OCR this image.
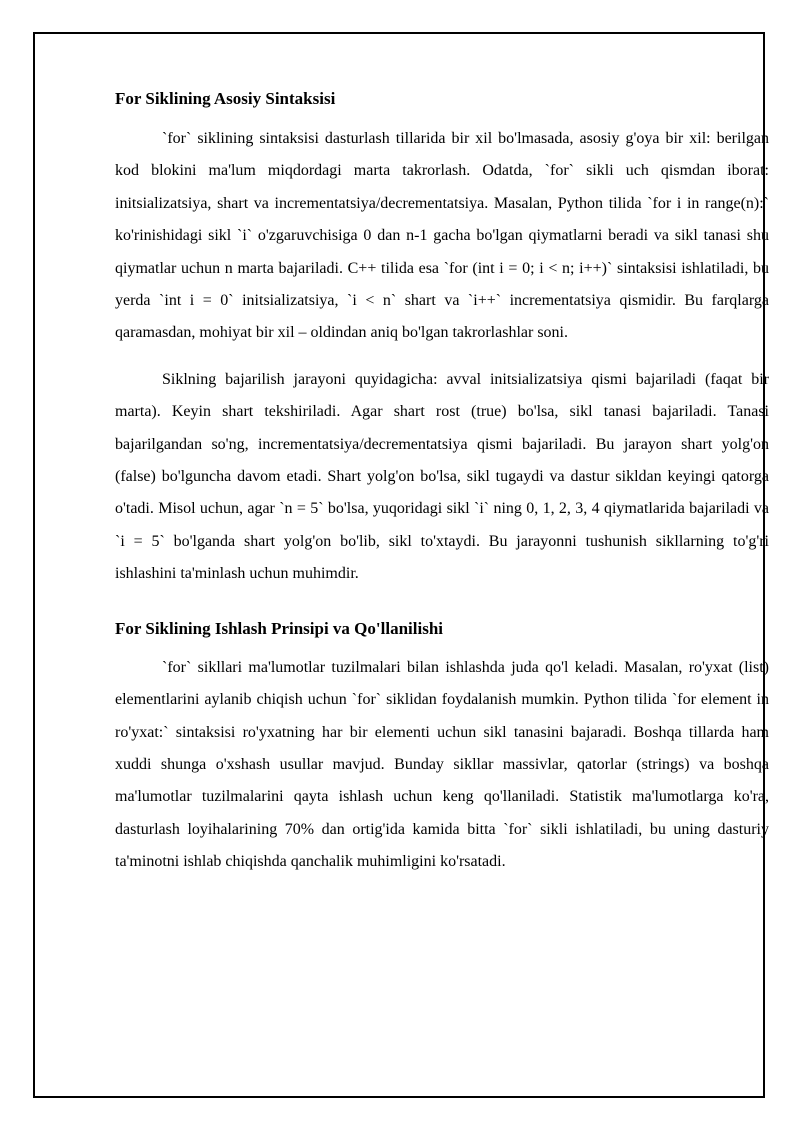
For Siklining Asosiy Sintaksisi

`for` siklining sintaksisi dasturlash tillarida bir xil bo'lmasada, asosiy g'oya bir xil: berilgan kod blokini ma'lum miqdordagi marta takrorlash. Odatda, `for` sikli uch qismdan iborat: initsializatsiya, shart va incrementatsiya/decrementatsiya. Masalan, Python tilida `for i in range(n):` ko'rinishidagi sikl `i` o'zgaruvchisiga 0 dan n-1 gacha bo'lgan qiymatlarni beradi va sikl tanasi shu qiymatlar uchun n marta bajariladi. C++ tilida esa `for (int i = 0; i < n; i++)` sintaksisi ishlatiladi, bu yerda `int i = 0` initsializatsiya, `i < n` shart va `i++` incrementatsiya qismidir. Bu farqlarga qaramasdan, mohiyat bir xil – oldindan aniq bo'lgan takrorlashlar soni.

Siklning bajarilish jarayoni quyidagicha: avval initsializatsiya qismi bajariladi (faqat bir marta). Keyin shart tekshiriladi. Agar shart rost (true) bo'lsa, sikl tanasi bajariladi. Tanasi bajarilgandan so'ng, incrementatsiya/decrementatsiya qismi bajariladi. Bu jarayon shart yolg'on (false) bo'lguncha davom etadi. Shart yolg'on bo'lsa, sikl tugaydi va dastur sikldan keyingi qatorga o'tadi. Misol uchun, agar `n = 5` bo'lsa, yuqoridagi sikl `i` ning 0, 1, 2, 3, 4 qiymatlarida bajariladi va `i = 5` bo'lganda shart yolg'on bo'lib, sikl to'xtaydi. Bu jarayonni tushunish sikllarning to'g'ri ishlashini ta'minlash uchun muhimdir.

For Siklining Ishlash Prinsipi va Qo'llanilishi

`for` sikllari ma'lumotlar tuzilmalari bilan ishlashda juda qo'l keladi. Masalan, ro'yxat (list) elementlarini aylanib chiqish uchun `for` siklidan foydalanish mumkin. Python tilida `for element in ro'yxat:` sintaksisi ro'yxatning har bir elementi uchun sikl tanasini bajaradi. Boshqa tillarda ham xuddi shunga o'xshash usullar mavjud. Bunday sikllar massivlar, qatorlar (strings) va boshqa ma'lumotlar tuzilmalarini qayta ishlash uchun keng qo'llaniladi. Statistik ma'lumotlarga ko'ra, dasturlash loyihalarining 70% dan ortig'ida kamida bitta `for` sikli ishlatiladi, bu uning dasturiy ta'minotni ishlab chiqishda qanchalik muhimligini ko'rsatadi.
